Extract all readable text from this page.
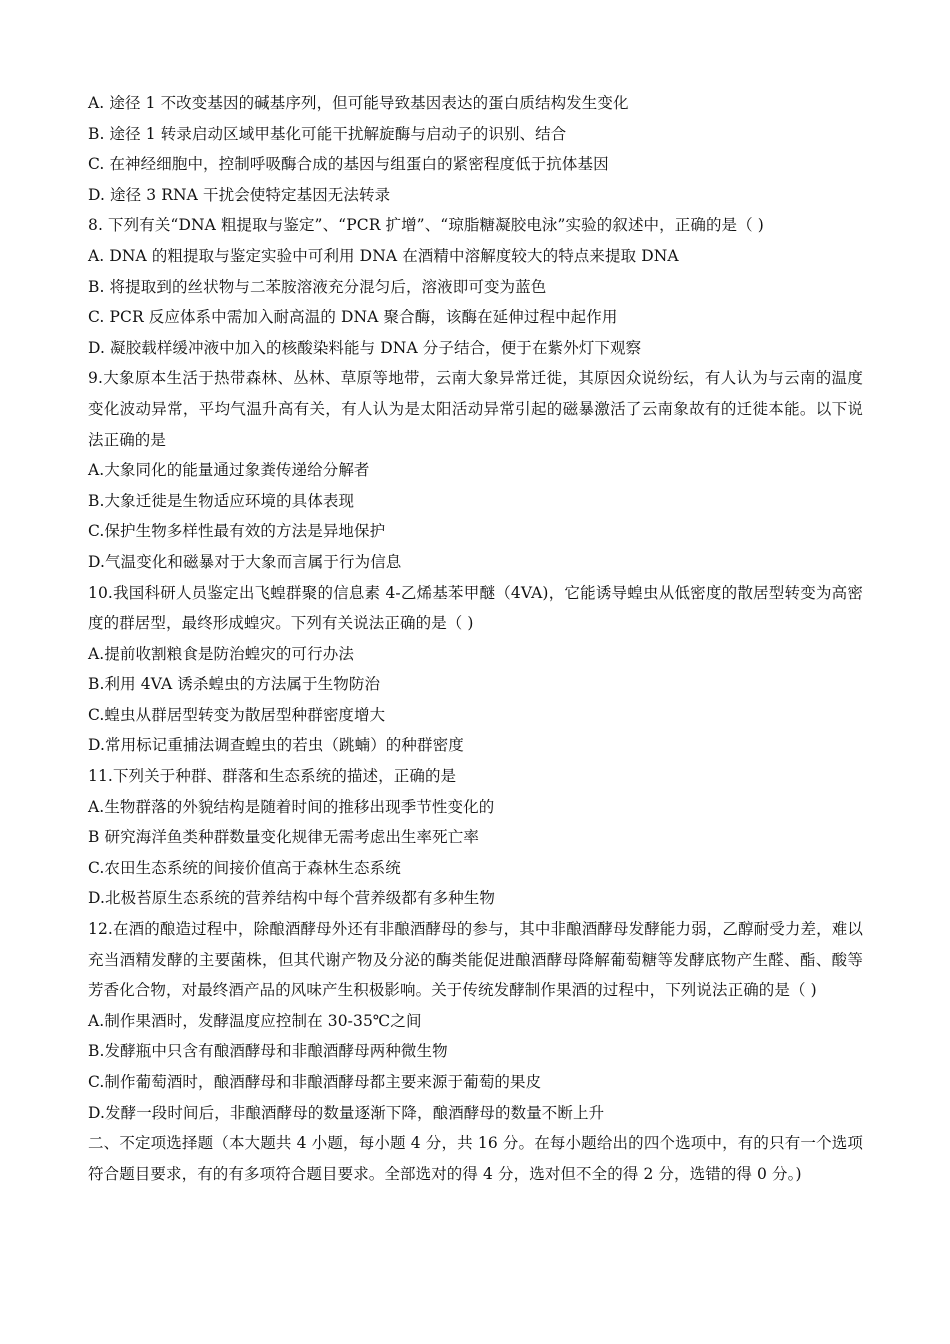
A. 途径 1 不改变基因的碱基序列，但可能导致基因表达的蛋白质结构发生变化
B. 途径 1 转录启动区域甲基化可能干扰解旋酶与启动子的识别、结合
C. 在神经细胞中，控制呼吸酶合成的基因与组蛋白的紧密程度低于抗体基因
D. 途径 3 RNA 干扰会使特定基因无法转录
8. 下列有关“DNA 粗提取与鉴定”、“PCR 扩增”、“琼脂糖凝胶电泳”实验的叙述中，正确的是（ )
A. DNA 的粗提取与鉴定实验中可利用 DNA 在酒精中溶解度较大的特点来提取 DNA
B. 将提取到的丝状物与二苯胺溶液充分混匀后，溶液即可变为蓝色
C. PCR 反应体系中需加入耐高温的 DNA 聚合酶，该酶在延伸过程中起作用
D. 凝胶载样缓冲液中加入的核酸染料能与 DNA 分子结合，便于在紫外灯下观察
9.大象原本生活于热带森林、丛林、草原等地带，云南大象异常迁徙，其原因众说纷纭，有人认为与云南的温度变化波动异常，平均气温升高有关，有人认为是太阳活动异常引起的磁暴激活了云南象故有的迁徙本能。以下说法正确的是
A.大象同化的能量通过象粪传递给分解者
B.大象迁徙是生物适应环境的具体表现
C.保护生物多样性最有效的方法是异地保护
D.气温变化和磁暴对于大象而言属于行为信息
10.我国科研人员鉴定出飞蝗群聚的信息素 4-乙烯基苯甲醚（4VA)，它能诱导蝗虫从低密度的散居型转变为高密度的群居型，最终形成蝗灾。下列有关说法正确的是（ )
A.提前收割粮食是防治蝗灾的可行办法
B.利用 4VA 诱杀蝗虫的方法属于生物防治
C.蝗虫从群居型转变为散居型种群密度增大
D.常用标记重捕法调查蝗虫的若虫（跳蝻）的种群密度
11.下列关于种群、群落和生态系统的描述，正确的是
A.生物群落的外貌结构是随着时间的推移出现季节性变化的
B 研究海洋鱼类种群数量变化规律无需考虑出生率死亡率
C.农田生态系统的间接价值高于森林生态系统
D.北极苔原生态系统的营养结构中每个营养级都有多种生物
12.在酒的酿造过程中，除酿酒酵母外还有非酿酒酵母的参与，其中非酿酒酵母发酵能力弱，乙醇耐受力差，难以充当酒精发酵的主要菌株，但其代谢产物及分泌的酶类能促进酿酒酵母降解葡萄糖等发酵底物产生醛、酯、酸等芳香化合物，对最终酒产品的风味产生积极影响。关于传统发酵制作果酒的过程中，下列说法正确的是（ )
A.制作果酒时，发酵温度应控制在 30-35℃之间
B.发酵瓶中只含有酿酒酵母和非酿酒酵母两种微生物
C.制作葡萄酒时，酿酒酵母和非酿酒酵母都主要来源于葡萄的果皮
D.发酵一段时间后，非酿酒酵母的数量逐渐下降，酿酒酵母的数量不断上升
二、不定项选择题（本大题共 4 小题，每小题 4 分，共 16 分。在每小题给出的四个选项中，有的只有一个选项符合题目要求，有的有多项符合题目要求。全部选对的得 4 分，选对但不全的得 2 分，选错的得 0 分。)
